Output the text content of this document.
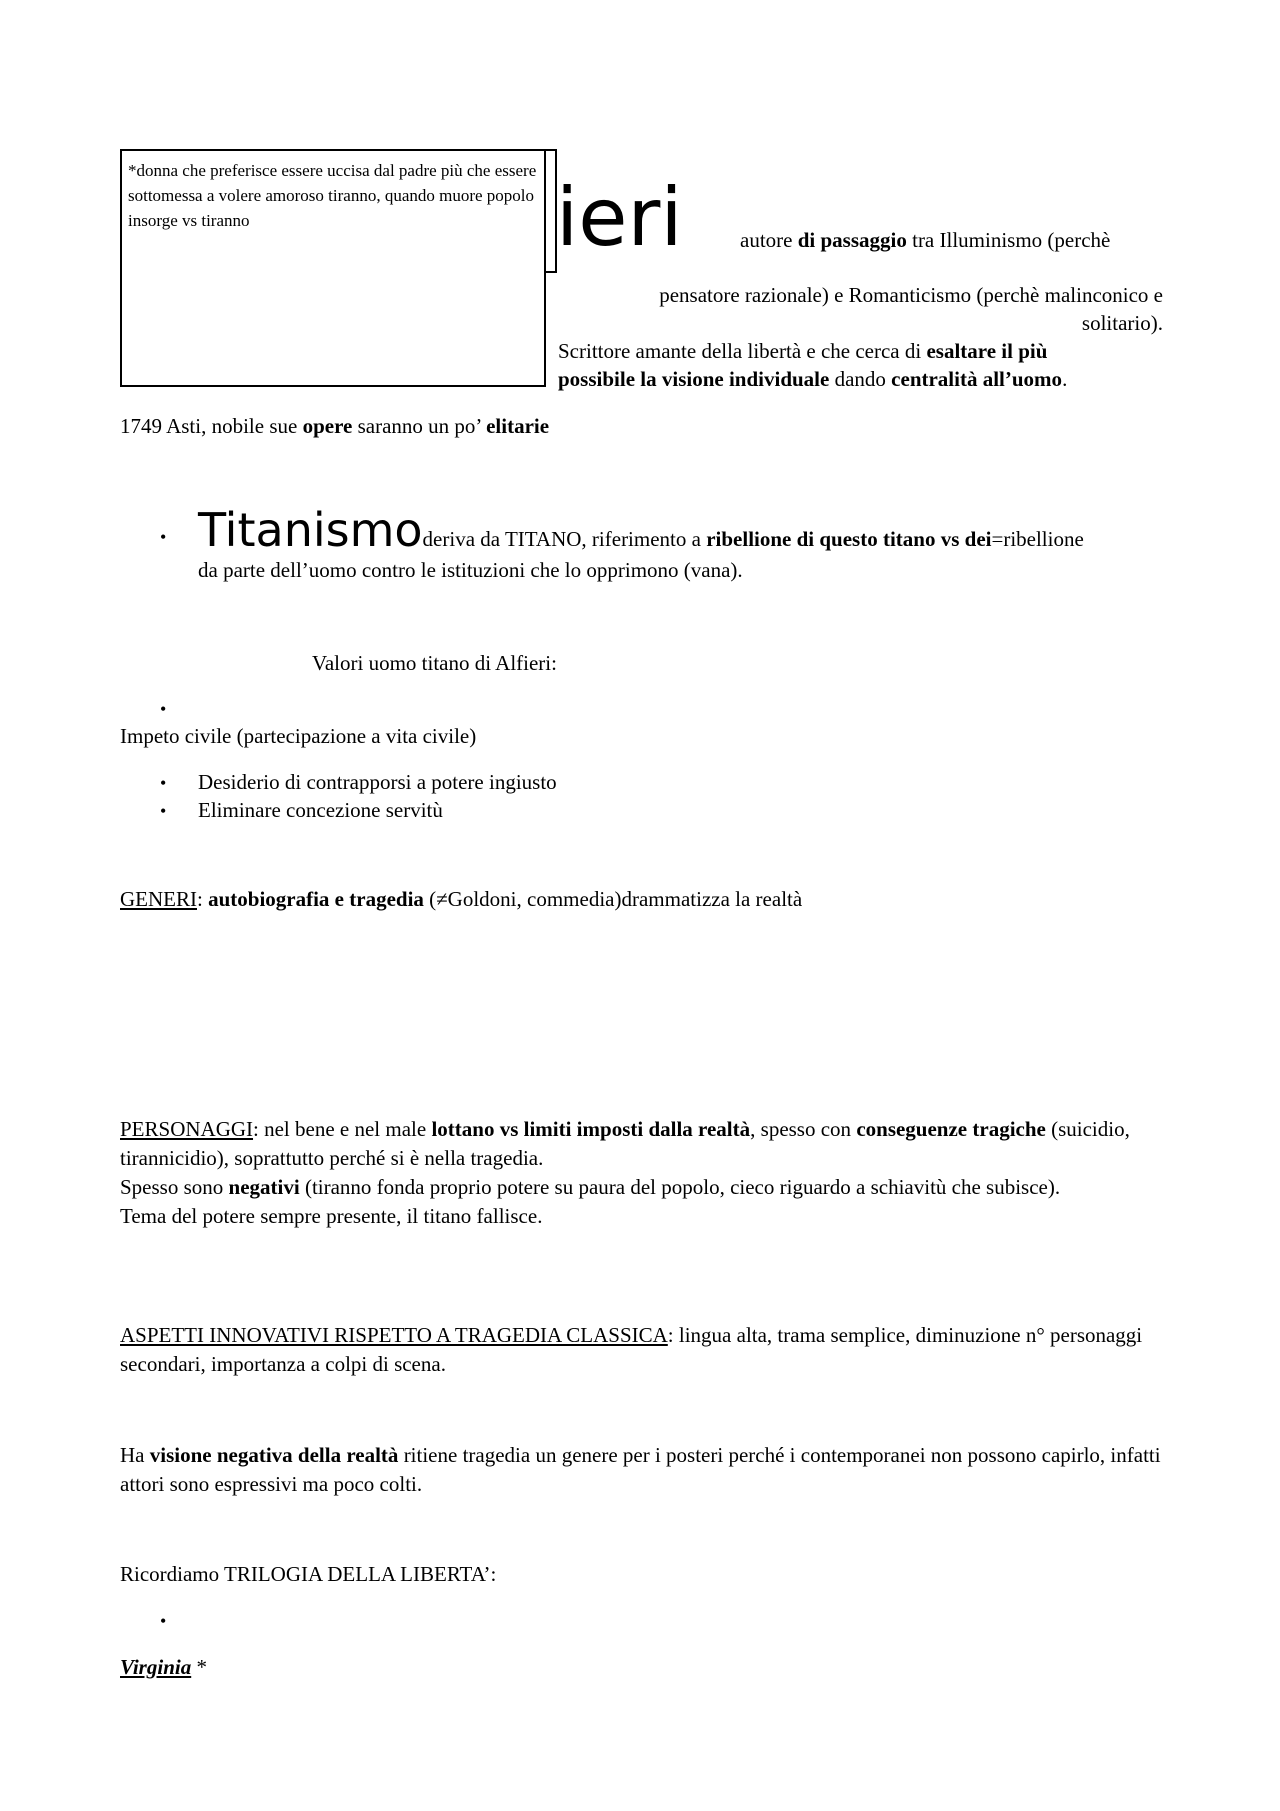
ieri
*donna che preferisce essere uccisa dal padre più che essere sottomessa a volere amoroso tiranno, quando muore popolo insorge vs tiranno
autore di passaggio tra Illuminismo (perchè
pensatore razionale) e Romanticismo (perchè malinconico e
solitario).
Scrittore amante della libertà e che cerca di esaltare il più
possibile la visione individuale dando centralità all’uomo.
1749 Asti, nobile sue opere saranno un po’ elitarie
• Titanismoderiva da TITANO, riferimento a ribellione di questo titano vs dei=ribellione
da parte dell’uomo contro le istituzioni che lo opprimono (vana).
Valori uomo titano di Alfieri:
•
Impeto civile (partecipazione a vita civile)
• Desiderio di contrapporsi a potere ingiusto
• Eliminare concezione servitù
GENERI: autobiografia e tragedia (≠Goldoni, commedia)drammatizza la realtà
PERSONAGGI: nel bene e nel male lottano vs limiti imposti dalla realtà, spesso con conseguenze tragiche (suicidio, tirannicidio), soprattutto perché si è nella tragedia.
Spesso sono negativi (tiranno fonda proprio potere su paura del popolo, cieco riguardo a schiavitù che subisce).
Tema del potere sempre presente, il titano fallisce.
ASPETTI INNOVATIVI RISPETTO A TRAGEDIA CLASSICA: lingua alta, trama semplice, diminuzione n° personaggi secondari, importanza a colpi di scena.
Ha visione negativa della realtà ritiene tragedia un genere per i posteri perché i contemporanei non possono capirlo, infatti attori sono espressivi ma poco colti.
Ricordiamo TRILOGIA DELLA LIBERTA’:
•
Virginia *
